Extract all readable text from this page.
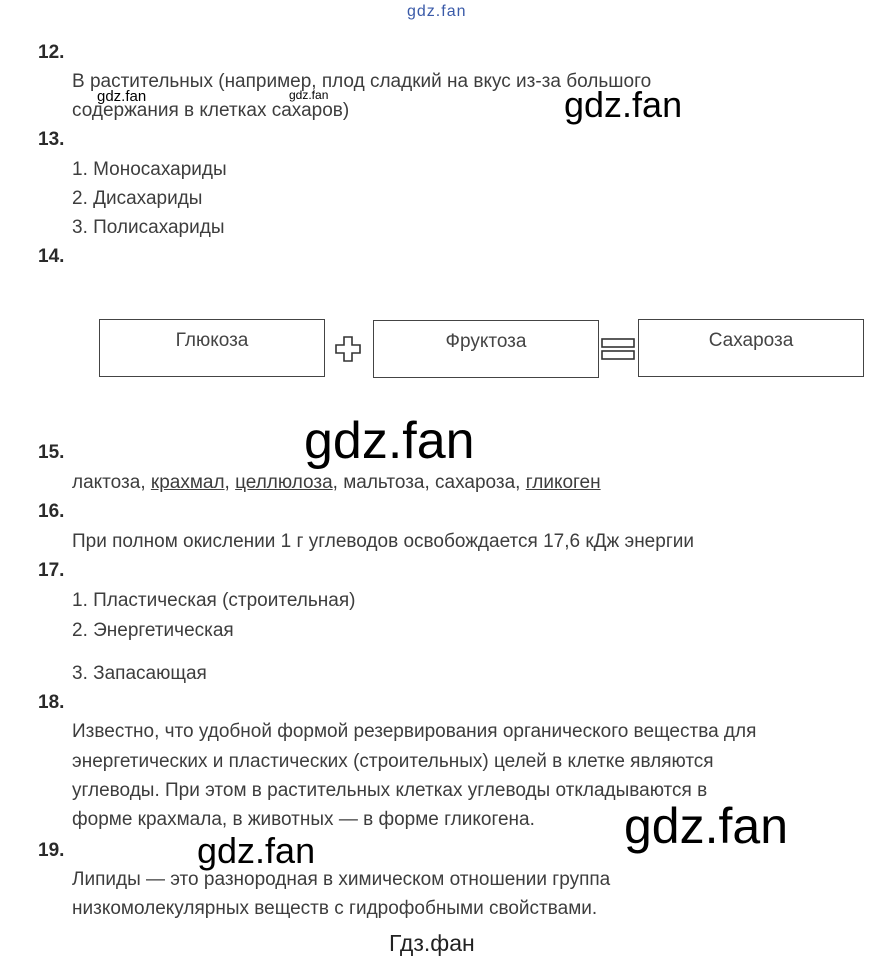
gdz.fan
12.
В растительных (например, плод сладкий на вкус из-за большого
содержания в клетках сахаров)
gdz.fan	gdz.fan	gdz.fan
13.
1. Моносахариды
2. Дисахариды
3. Полисахариды
14.
Глюкоза	Фруктоза	Сахароза
gdz.fan
15.
лактоза, крахмал, целлюлоза, мальтоза, сахароза, гликоген
16.
При полном окислении 1 г углеводов освобождается 17,6 кДж энергии
17.
1. Пластическая (строительная)
2. Энергетическая
3. Запасающая
18.
Известно, что удобной формой резервирования органического вещества для
энергетических и пластических (строительных) целей в клетке являются
углеводы. При этом в растительных клетках углеводы откладываются в
форме крахмала, в животных — в форме гликогена. gdz.fan
19.	gdz.fan
Липиды — это разнородная в химическом отношении группа
низкомолекулярных веществ с гидрофобными свойствами.
Гдз.фан
